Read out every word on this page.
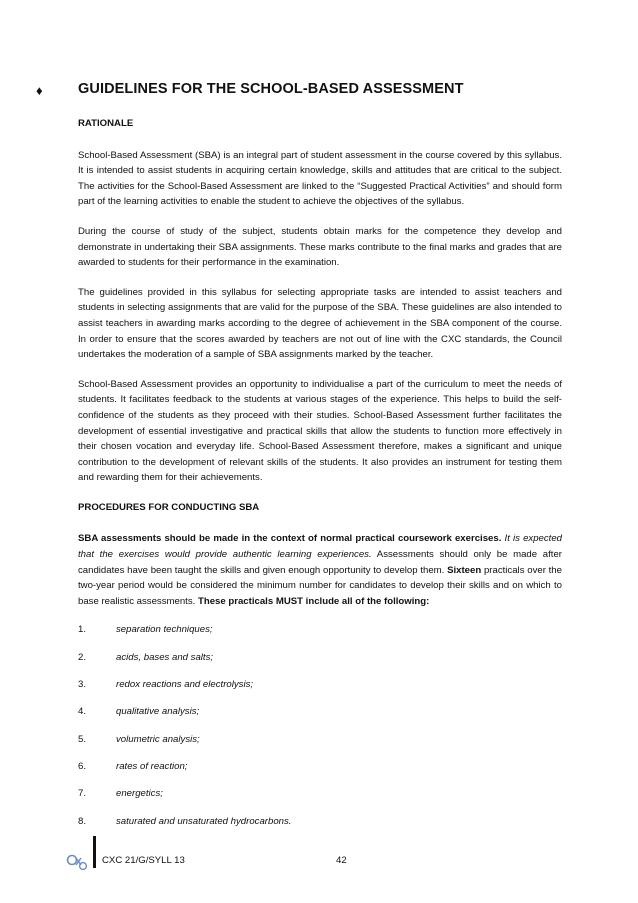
♦ GUIDELINES FOR THE SCHOOL-BASED ASSESSMENT
RATIONALE

School-Based Assessment (SBA) is an integral part of student assessment in the course covered by this syllabus. It is intended to assist students in acquiring certain knowledge, skills and attitudes that are critical to the subject. The activities for the School-Based Assessment are linked to the “Suggested Practical Activities” and should form part of the learning activities to enable the student to achieve the objectives of the syllabus.

During the course of study of the subject, students obtain marks for the competence they develop and demonstrate in undertaking their SBA assignments. These marks contribute to the final marks and grades that are awarded to students for their performance in the examination.

The guidelines provided in this syllabus for selecting appropriate tasks are intended to assist teachers and students in selecting assignments that are valid for the purpose of the SBA. These guidelines are also intended to assist teachers in awarding marks according to the degree of achievement in the SBA component of the course. In order to ensure that the scores awarded by teachers are not out of line with the CXC standards, the Council undertakes the moderation of a sample of SBA assignments marked by the teacher.

School-Based Assessment provides an opportunity to individualise a part of the curriculum to meet the needs of students. It facilitates feedback to the students at various stages of the experience. This helps to build the self-confidence of the students as they proceed with their studies. School-Based Assessment further facilitates the development of essential investigative and practical skills that allow the students to function more effectively in their chosen vocation and everyday life. School-Based Assessment therefore, makes a significant and unique contribution to the development of relevant skills of the students. It also provides an instrument for testing them and rewarding them for their achievements.

PROCEDURES FOR CONDUCTING SBA

SBA assessments should be made in the context of normal practical coursework exercises. It is expected that the exercises would provide authentic learning experiences. Assessments should only be made after candidates have been taught the skills and given enough opportunity to develop them. Sixteen practicals over the two-year period would be considered the minimum number for candidates to develop their skills and on which to base realistic assessments. These practicals MUST include all of the following:

1.	separation techniques;
2.	acids, bases and salts;
3.	redox reactions and electrolysis;
4.	qualitative analysis;
5.	volumetric analysis;
6.	rates of reaction;
7.	energetics;
8.	saturated and unsaturated hydrocarbons.
CXC 21/G/SYLL 13	42
